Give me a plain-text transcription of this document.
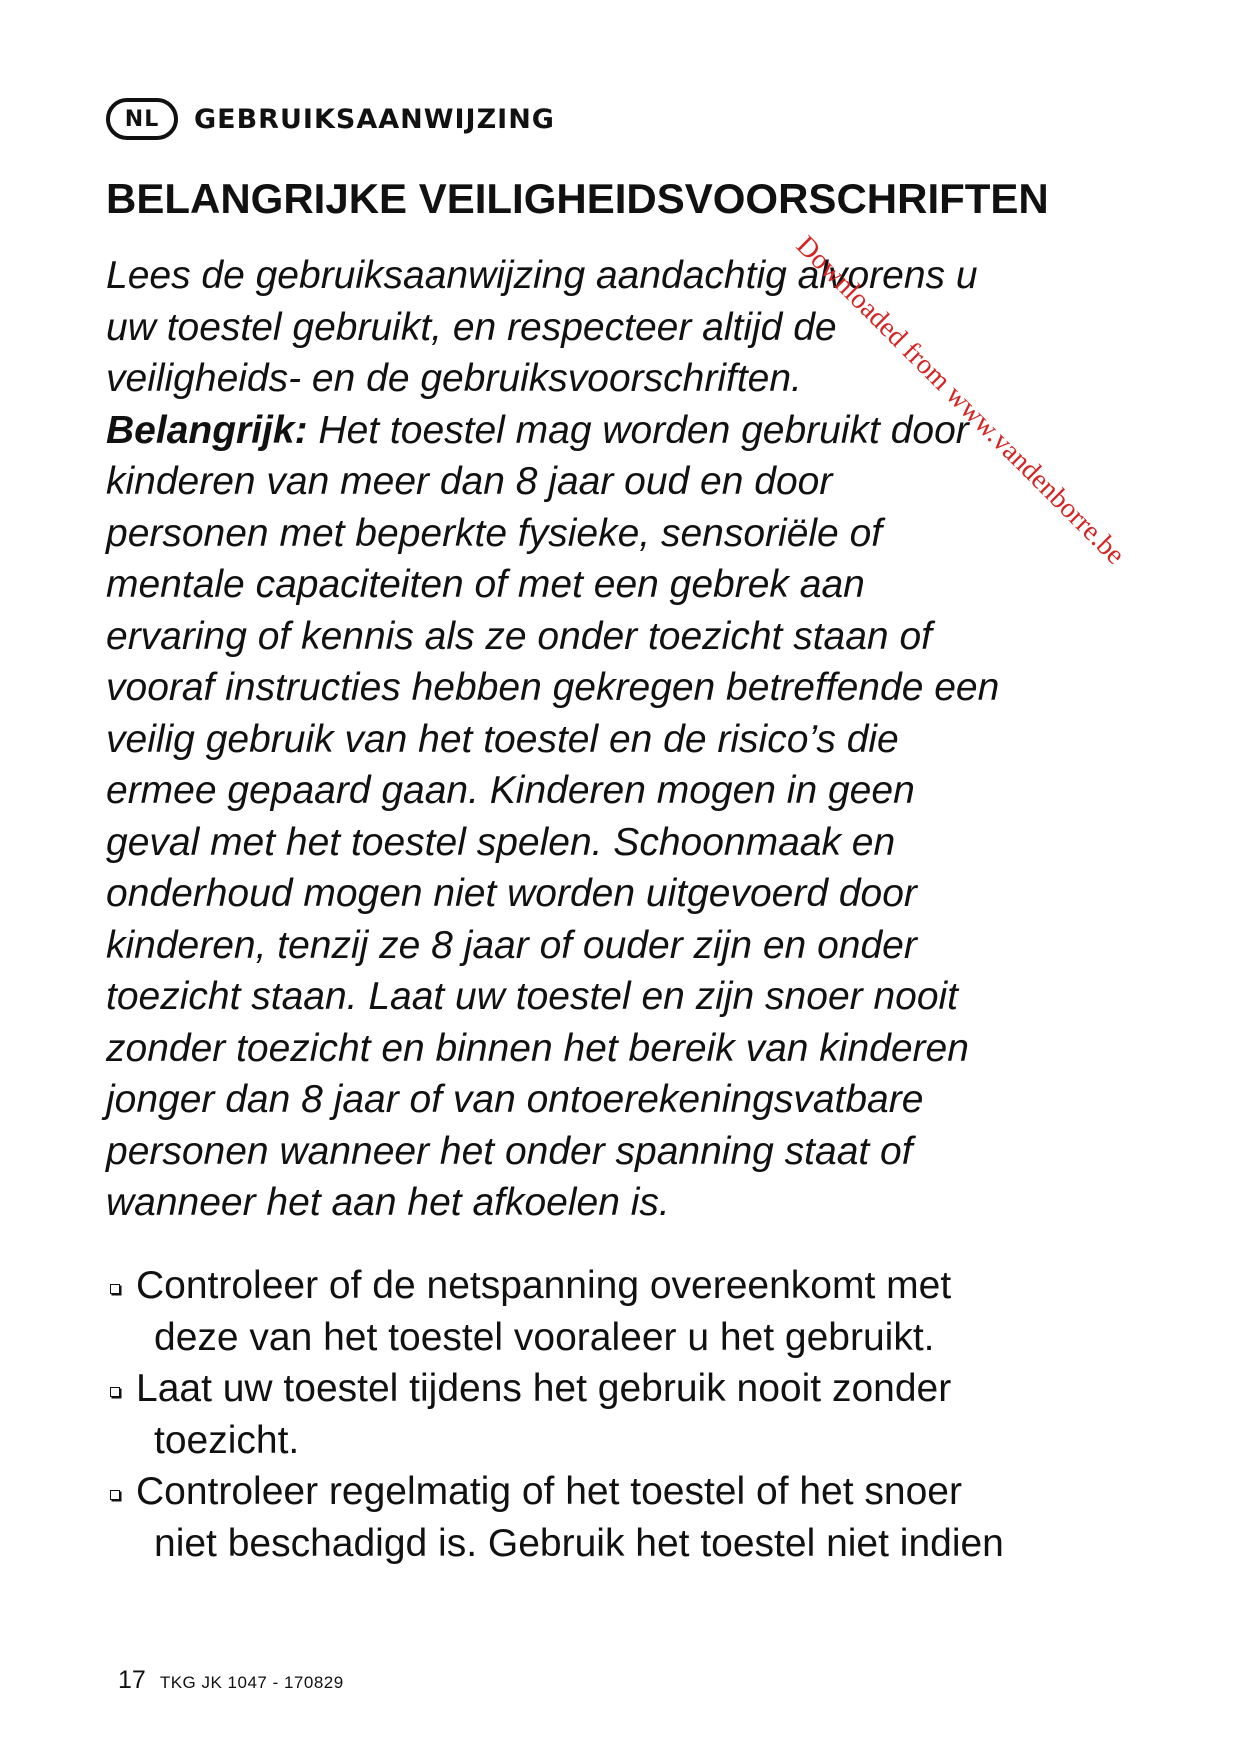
NL	GEBRUIKSAANWIJZING
BELANGRIJKE VEILIGHEIDSVOORSCHRIFTEN
Lees de gebruiksaanwijzing aandachtig alvorens u
uw toestel gebruikt, en respecteer altijd de
veiligheids- en de gebruiksvoorschriften.
Belangrijk: Het toestel mag worden gebruikt door
kinderen van meer dan 8 jaar oud en door
personen met beperkte fysieke, sensoriële of
mentale capaciteiten of met een gebrek aan
ervaring of kennis als ze onder toezicht staan of
vooraf instructies hebben gekregen betreffende een
veilig gebruik van het toestel en de risico’s die
ermee gepaard gaan. Kinderen mogen in geen
geval met het toestel spelen. Schoonmaak en
onderhoud mogen niet worden uitgevoerd door
kinderen, tenzij ze 8 jaar of ouder zijn en onder
toezicht staan. Laat uw toestel en zijn snoer nooit
zonder toezicht en binnen het bereik van kinderen
jonger dan 8 jaar of van ontoerekeningsvatbare
personen wanneer het onder spanning staat of
wanneer het aan het afkoelen is.
Controleer of de netspanning overeenkomt met
deze van het toestel vooraleer u het gebruikt.
Laat uw toestel tijdens het gebruik nooit zonder
toezicht.
Controleer regelmatig of het toestel of het snoer
niet beschadigd is. Gebruik het toestel niet indien
17 TKG JK 1047 - 170829
Downloaded from www.vandenborre.be
